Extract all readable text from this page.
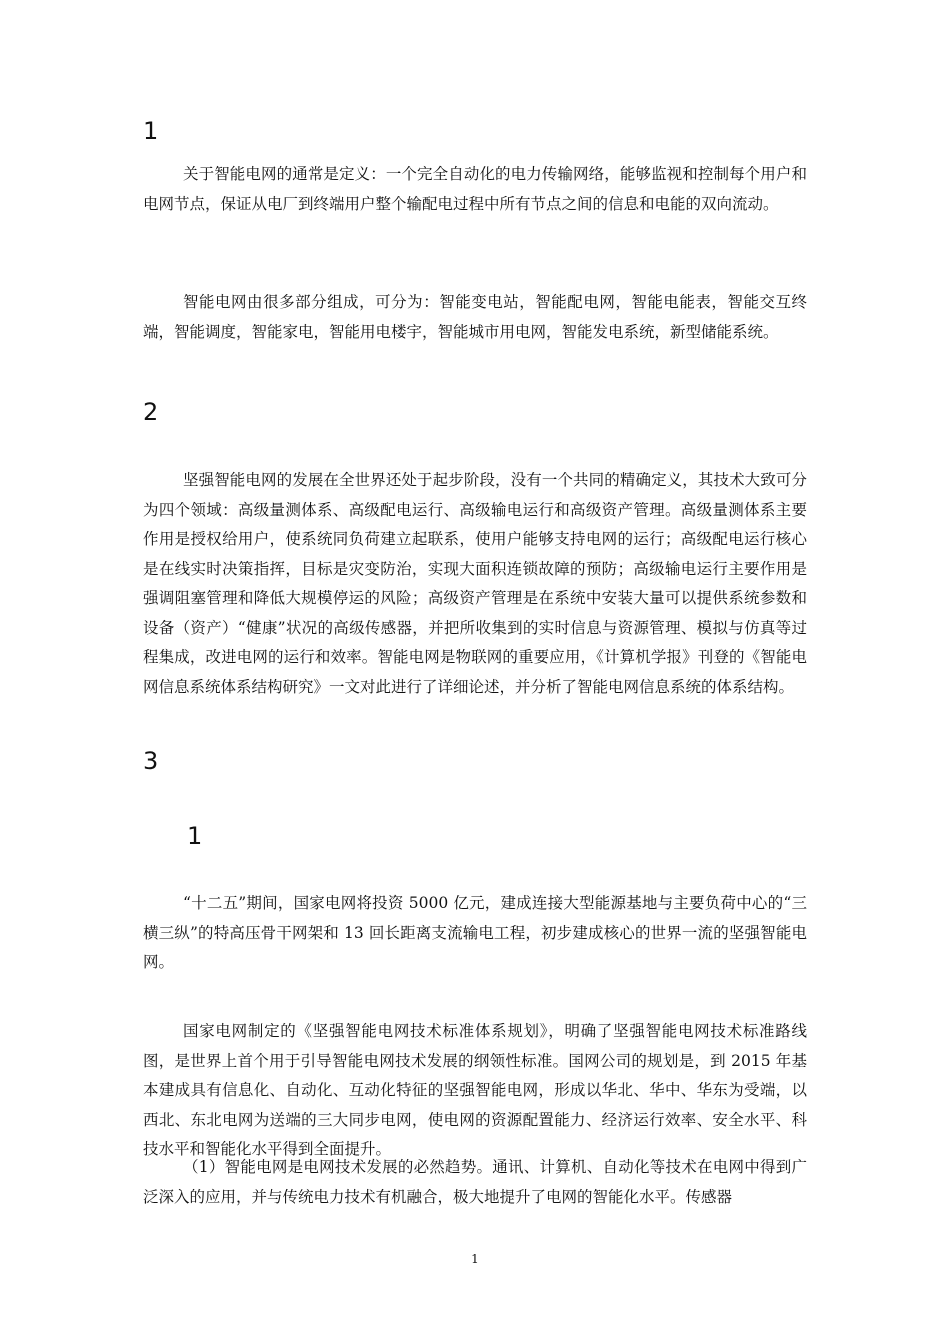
1

关于智能电网的通常是定义：一个完全自动化的电力传输网络，能够监视和控制每个用户和电网节点，保证从电厂到终端用户整个输配电过程中所有节点之间的信息和电能的双向流动。

智能电网由很多部分组成，可分为：智能变电站，智能配电网，智能电能表，智能交互终端，智能调度，智能家电，智能用电楼宇，智能城市用电网，智能发电系统，新型储能系统。

2

坚强智能电网的发展在全世界还处于起步阶段，没有一个共同的精确定义，其技术大致可分为四个领域：高级量测体系、高级配电运行、高级输电运行和高级资产管理。高级量测体系主要作用是授权给用户，使系统同负荷建立起联系，使用户能够支持电网的运行；高级配电运行核心是在线实时决策指挥，目标是灾变防治，实现大面积连锁故障的预防；高级输电运行主要作用是强调阻塞管理和降低大规模停运的风险；高级资产管理是在系统中安装大量可以提供系统参数和设备（资产）“健康”状况的高级传感器，并把所收集到的实时信息与资源管理、模拟与仿真等过程集成，改进电网的运行和效率。智能电网是物联网的重要应用，《计算机学报》刊登的《智能电网信息系统体系结构研究》一文对此进行了详细论述，并分析了智能电网信息系统的体系结构。

3
1

“十二五”期间，国家电网将投资 5000 亿元，建成连接大型能源基地与主要负荷中心的“三横三纵”的特高压骨干网架和 13 回长距离支流输电工程，初步建成核心的世界一流的坚强智能电网。

国家电网制定的《坚强智能电网技术标准体系规划》，明确了坚强智能电网技术标准路线图，是世界上首个用于引导智能电网技术发展的纲领性标准。国网公司的规划是，到 2015 年基本建成具有信息化、自动化、互动化特征的坚强智能电网，形成以华北、华中、华东为受端，以西北、东北电网为送端的三大同步电网，使电网的资源配置能力、经济运行效率、安全水平、科技水平和智能化水平得到全面提升。

（1）智能电网是电网技术发展的必然趋势。通讯、计算机、自动化等技术在电网中得到广泛深入的应用，并与传统电力技术有机融合，极大地提升了电网的智能化水平。传感器

1
